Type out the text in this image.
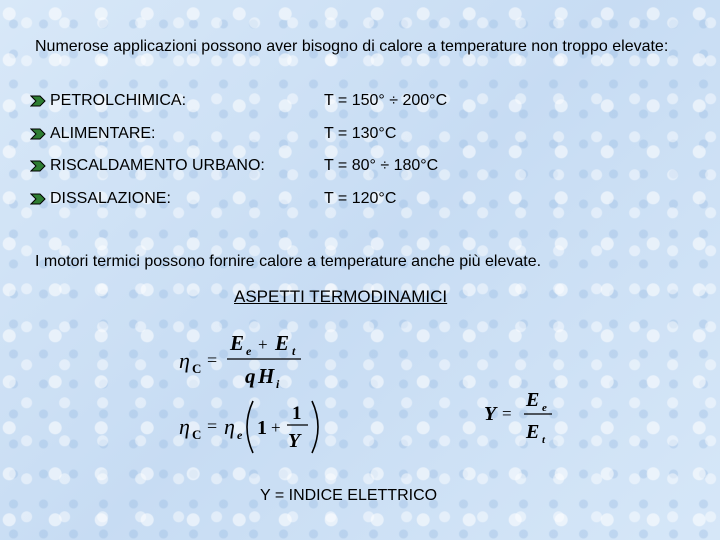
Numerose applicazioni possono aver bisogno di calore a temperature non troppo elevate:
PETROLCHIMICA:	T = 150° ÷ 200°C
ALIMENTARE:	T = 130°C
RISCALDAMENTO URBANO:	T = 80° ÷ 180°C
DISSALAZIONE:	T = 120°C
I motori termici possono fornire calore a temperature anche più elevate.
ASPETTI TERMODINAMICI
η C =
E e + E t
q H i
η C = η e 1 +
1
Y
Y =
E e
E t
Y = INDICE ELETTRICO
